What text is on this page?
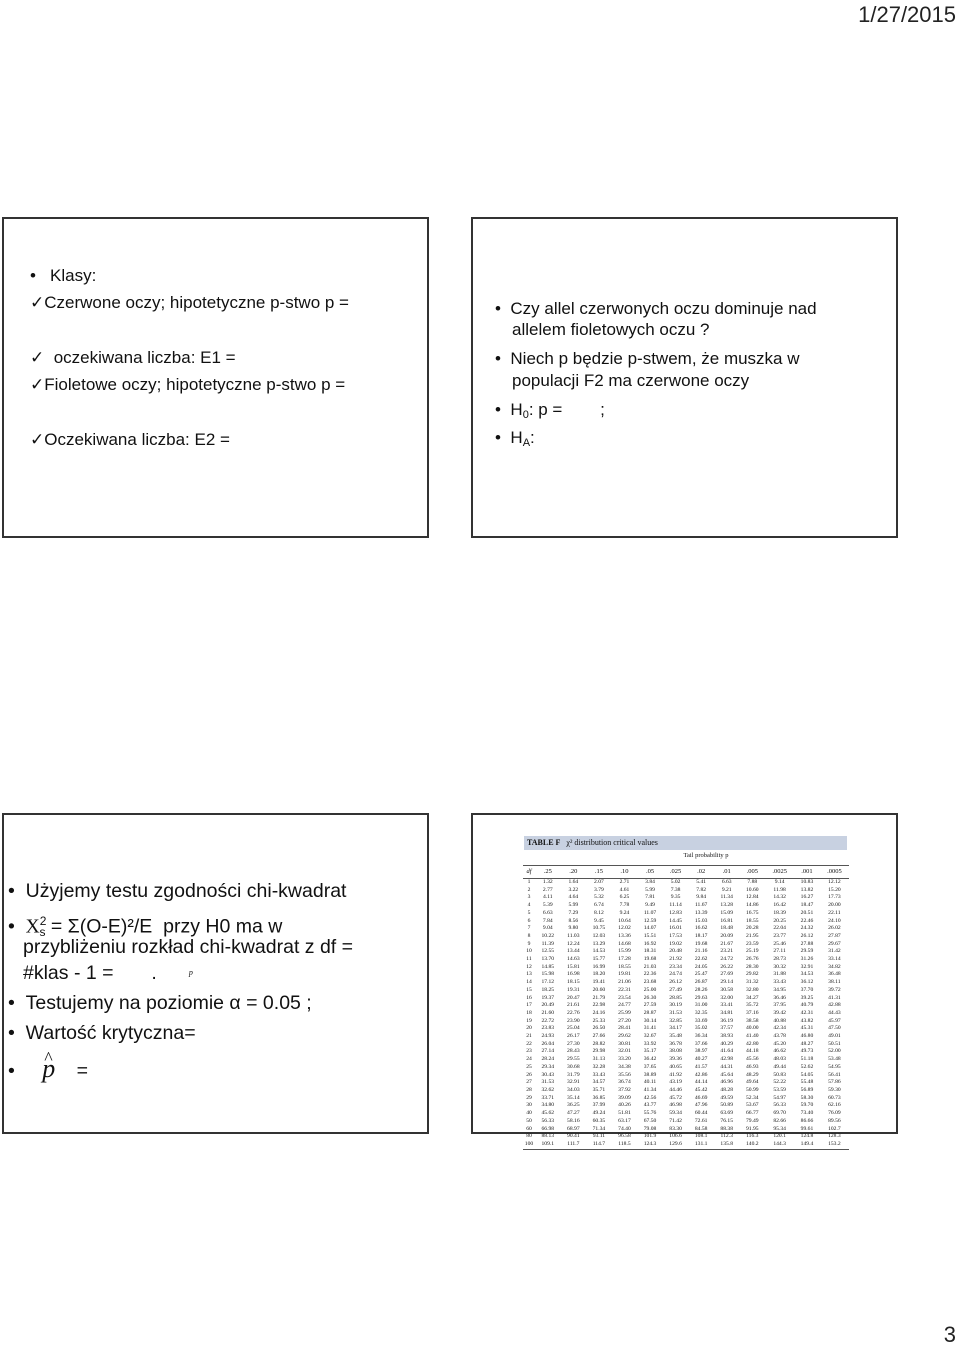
1/27/2015
• Klasy:
✓Czerwone oczy; hipotetyczne p-stwo p =
✓ oczekiwana liczba: E1 =
✓Fioletowe oczy; hipotetyczne p-stwo p =
✓Oczekiwana liczba: E2 =
• Czy allel czerwonych oczu dominuje nad
allelem fioletowych oczu ?
• Niech p będzie p-stwem, że muszka w
populacji F2 ma czerwone oczy
• $H_0$: p =        ;
• $H_A$:
• Użyjemy testu zgodności chi-kwadrat
• $X^2_s = \Sigma(O-E)^2/E$  przy H0 ma w
przybliżeniu rozkład chi-kwadrat z df =
#klas - 1 =       .	$^p$
• Testujemy na poziomie α = 0.05 ;
• Wartość krytyczna=
• ^ p =
TABLE F χ² distribution critical values
Tail probability p
df	.25	.20	.15	.10	.05	.025	.02	.01	.005	.0025	.001	.0005
1	1.32	1.64	2.07	2.71	3.84	5.02	5.41	6.63	7.88	9.14	10.83	12.12
2	2.77	3.22	3.79	4.61	5.99	7.38	7.82	9.21	10.60	11.98	13.82	15.20
3	4.11	4.64	5.32	6.25	7.81	9.35	9.84	11.34	12.84	14.32	16.27	17.73
4	5.39	5.99	6.74	7.78	9.49	11.14	11.67	13.28	14.86	16.42	18.47	20.00
5	6.63	7.29	8.12	9.24	11.07	12.83	13.39	15.09	16.75	18.39	20.51	22.11
6	7.84	8.56	9.45	10.64	12.59	14.45	15.03	16.81	18.55	20.25	22.46	24.10
7	9.04	9.80	10.75	12.02	14.07	16.01	16.62	18.48	20.28	22.04	24.32	26.02
8	10.22	11.03	12.03	13.36	15.51	17.53	18.17	20.09	21.95	23.77	26.12	27.87
9	11.39	12.24	13.29	14.68	16.92	19.02	19.68	21.67	23.59	25.46	27.88	29.67
10	12.55	13.44	14.53	15.99	18.31	20.48	21.16	23.21	25.19	27.11	29.59	31.42
11	13.70	14.63	15.77	17.28	19.68	21.92	22.62	24.72	26.76	28.73	31.26	33.14
12	14.85	15.81	16.99	18.55	21.03	23.34	24.05	26.22	28.30	30.32	32.91	34.82
13	15.98	16.98	18.20	19.81	22.36	24.74	25.47	27.69	29.82	31.88	34.53	36.48
14	17.12	18.15	19.41	21.06	23.68	26.12	26.87	29.14	31.32	33.43	36.12	38.11
15	18.25	19.31	20.60	22.31	25.00	27.49	28.26	30.58	32.80	34.95	37.70	39.72
16	19.37	20.47	21.79	23.54	26.30	28.85	29.63	32.00	34.27	36.46	39.25	41.31
17	20.49	21.61	22.98	24.77	27.59	30.19	31.00	33.41	35.72	37.95	40.79	42.88
18	21.60	22.76	24.16	25.99	28.87	31.53	32.35	34.81	37.16	39.42	42.31	44.43
19	22.72	23.90	25.33	27.20	30.14	32.85	33.69	36.19	38.58	40.88	43.82	45.97
20	23.83	25.04	26.50	28.41	31.41	34.17	35.02	37.57	40.00	42.34	45.31	47.50
21	24.93	26.17	27.66	29.62	32.67	35.48	36.34	38.93	41.40	43.78	46.80	49.01
22	26.04	27.30	28.82	30.81	33.92	36.78	37.66	40.29	42.80	45.20	48.27	50.51
23	27.14	28.43	29.98	32.01	35.17	38.08	38.97	41.64	44.18	46.62	49.73	52.00
24	28.24	29.55	31.13	33.20	36.42	39.36	40.27	42.98	45.56	48.03	51.18	53.48
25	29.34	30.68	32.28	34.38	37.65	40.65	41.57	44.31	46.93	49.44	52.62	54.95
26	30.43	31.79	33.43	35.56	38.89	41.92	42.86	45.64	48.29	50.83	54.05	56.41
27	31.53	32.91	34.57	36.74	40.11	43.19	44.14	46.96	49.64	52.22	55.48	57.86
28	32.62	34.03	35.71	37.92	41.34	44.46	45.42	48.28	50.99	53.59	56.89	59.30
29	33.71	35.14	36.85	39.09	42.56	45.72	46.69	49.59	52.34	54.97	58.30	60.73
30	34.80	36.25	37.99	40.26	43.77	46.98	47.96	50.89	53.67	56.33	59.70	62.16
40	45.62	47.27	49.24	51.81	55.76	59.34	60.44	63.69	66.77	69.70	73.40	76.09
50	56.33	58.16	60.35	63.17	67.50	71.42	72.61	76.15	79.49	82.66	86.66	89.56
60	66.98	68.97	71.34	74.40	79.08	83.30	84.58	88.38	91.95	95.34	99.61	102.7
80	88.13	90.41	93.11	96.58	101.9	106.6	108.1	112.3	116.3	120.1	124.8	128.3
100	109.1	111.7	114.7	118.5	124.3	129.6	131.1	135.8	140.2	144.3	149.4	153.2
3
